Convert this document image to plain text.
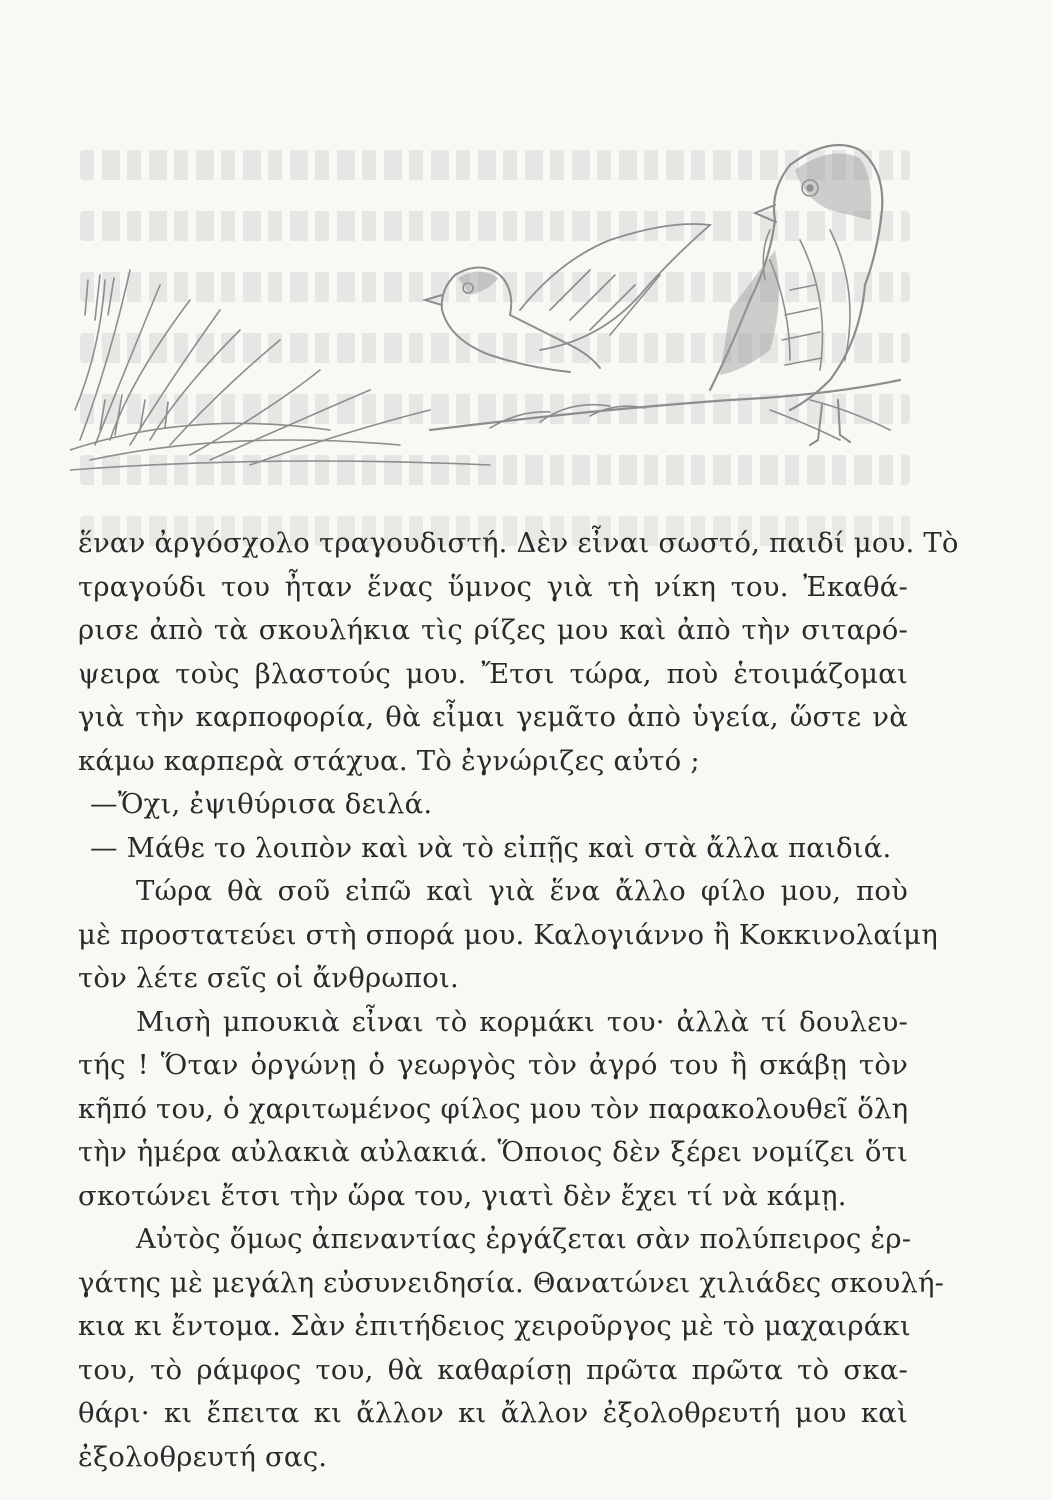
ἕναν ἀργόσχολο τραγουδιστή. Δὲν εἶναι σωστό, παιδί μου. Τὸ
τραγούδι του ἦταν ἕνας ὕμνος γιὰ τὴ νίκη του. Ἐκαθά-
ρισε ἀπὸ τὰ σκουλήκια τὶς ρίζες μου καὶ ἀπὸ τὴν σιταρό-
ψειρα τοὺς βλαστούς μου. Ἔτσι τώρα, ποὺ ἑτοιμάζομαι
γιὰ τὴν καρποφορία, θὰ εἶμαι γεμᾶτο ἀπὸ ὑγεία, ὥστε νὰ
κάμω καρπερὰ στάχυα. Τὸ ἐγνώριζες αὐτό ;
—Ὄχι, ἐψιθύρισα δειλά.
— Μάθε το λοιπὸν καὶ νὰ τὸ εἰπῇς καὶ στὰ ἄλλα παιδιά.
Τώρα θὰ σοῦ εἰπῶ καὶ γιὰ ἕνα ἄλλο φίλο μου, ποὺ
μὲ προστατεύει στὴ σπορά μου. Καλογιάννο ἢ Κοκκινολαίμη
τὸν λέτε σεῖς οἱ ἄνθρωποι.
Μισὴ μπουκιὰ εἶναι τὸ κορμάκι του· ἀλλὰ τί δουλευ-
τής ! Ὅταν ὀργώνῃ ὁ γεωργὸς τὸν ἀγρό του ἢ σκάβῃ τὸν
κῆπό του, ὁ χαριτωμένος φίλος μου τὸν παρακολουθεῖ ὅλη
τὴν ἡμέρα αὐλακιὰ αὐλακιά. Ὅποιος δὲν ξέρει νομίζει ὅτι
σκοτώνει ἔτσι τὴν ὥρα του, γιατὶ δὲν ἔχει τί νὰ κάμῃ.
Αὐτὸς ὅμως ἀπεναντίας ἐργάζεται σὰν πολύπειρος ἐρ-
γάτης μὲ μεγάλη εὐσυνειδησία. Θανατώνει χιλιάδες σκουλή-
κια κι ἔντομα. Σὰν ἐπιτήδειος χειροῦργος μὲ τὸ μαχαιράκι
του, τὸ ράμφος του, θὰ καθαρίσῃ πρῶτα πρῶτα τὸ σκα-
θάρι· κι ἔπειτα κι ἄλλον κι ἄλλον ἐξολοθρευτή μου καὶ
ἐξολοθρευτή σας.
